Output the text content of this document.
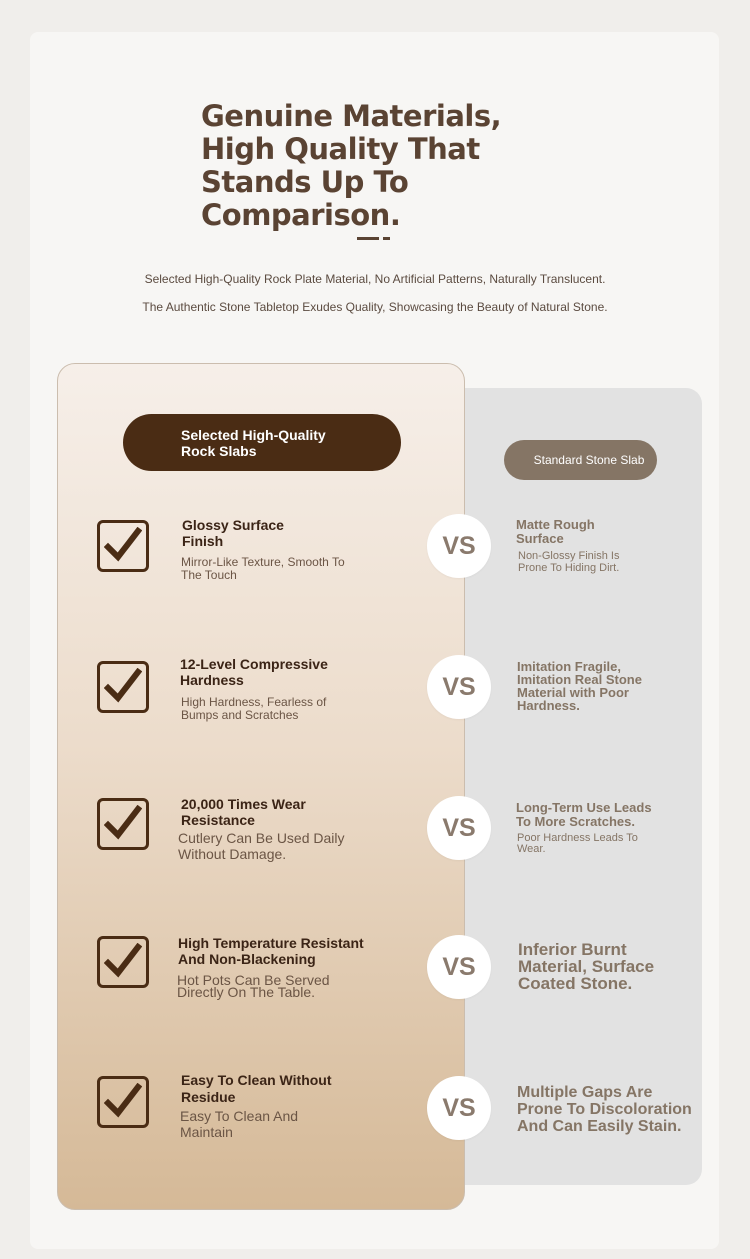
Genuine Materials, High Quality That Stands Up To Comparison.
Selected High-Quality Rock Plate Material, No Artificial Patterns, Naturally Translucent.
The Authentic Stone Tabletop Exudes Quality, Showcasing the Beauty of Natural Stone.
Selected High-Quality Rock Slabs
Standard Stone Slab
Glossy Surface Finish
Mirror-Like Texture, Smooth To The Touch
VS
Matte Rough Surface
Non-Glossy Finish Is Prone To Hiding Dirt.
12-Level Compressive Hardness
High Hardness, Fearless of Bumps and Scratches
VS
Imitation Fragile, Imitation Real Stone Material with Poor Hardness.
20,000 Times Wear Resistance
Cutlery Can Be Used Daily Without Damage.
VS
Long-Term Use Leads To More Scratches.
Poor Hardness Leads To Wear.
High Temperature Resistant And Non-Blackening
Hot Pots Can Be Served Directly On The Table.
VS
Inferior Burnt Material, Surface Coated Stone.
Easy To Clean Without Residue
Easy To Clean And Maintain
VS
Multiple Gaps Are Prone To Discoloration And Can Easily Stain.
